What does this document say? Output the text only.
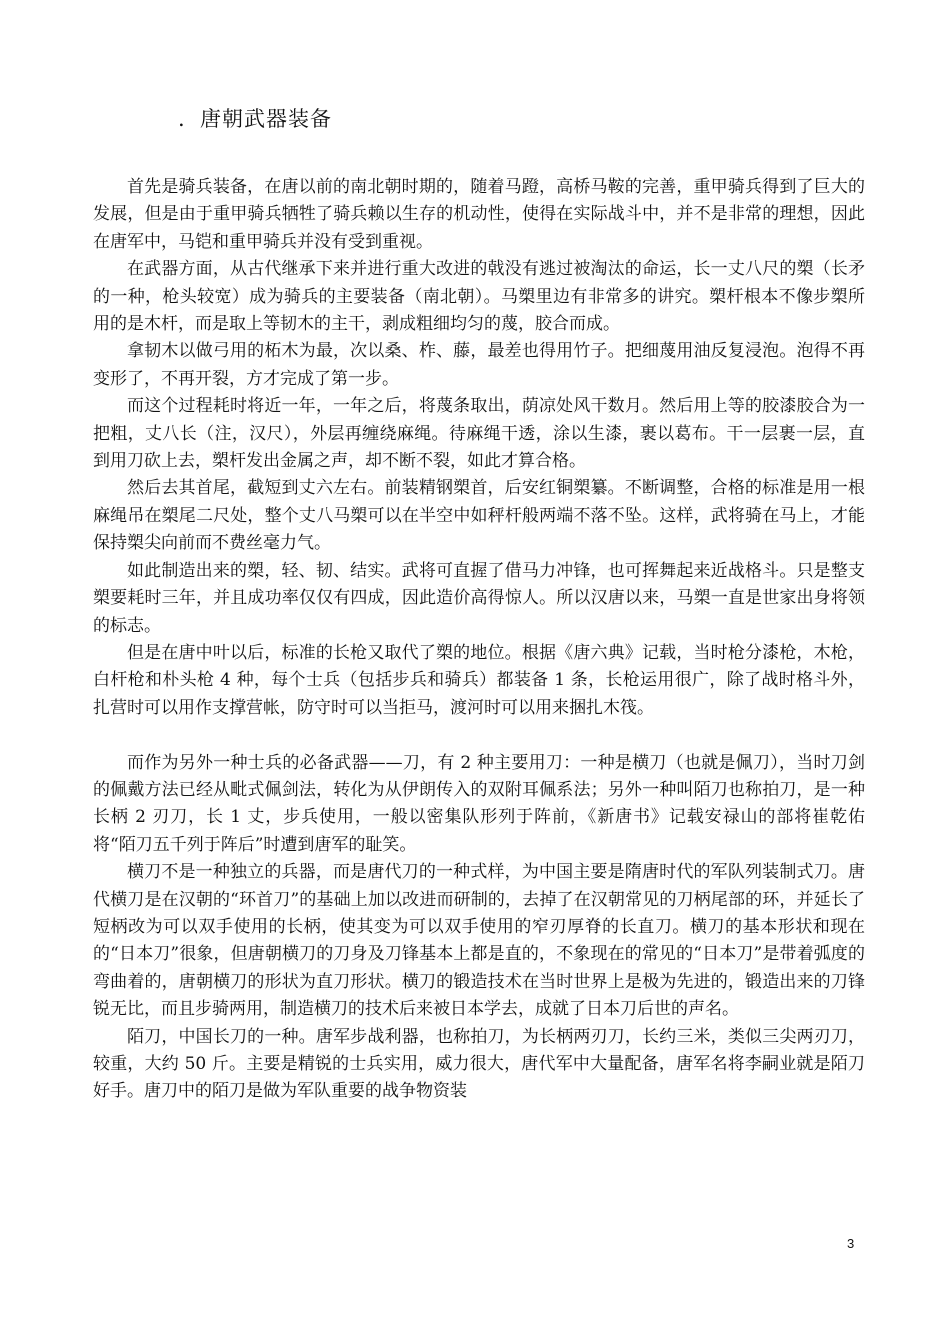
. 唐朝武器装备

首先是骑兵装备，在唐以前的南北朝时期的，随着马蹬，高桥马鞍的完善，重甲骑兵得到了巨大的发展，但是由于重甲骑兵牺牲了骑兵赖以生存的机动性，使得在实际战斗中，并不是非常的理想，因此在唐军中，马铠和重甲骑兵并没有受到重视。

在武器方面，从古代继承下来并进行重大改进的戟没有逃过被淘汰的命运，长一丈八尺的槊（长矛的一种，枪头较宽）成为骑兵的主要装备（南北朝）。马槊里边有非常多的讲究。槊杆根本不像步槊所用的是木杆，而是取上等韧木的主干，剥成粗细均匀的蔑，胶合而成。

拿韧木以做弓用的柘木为最，次以桑、柞、藤，最差也得用竹子。把细蔑用油反复浸泡。泡得不再变形了，不再开裂，方才完成了第一步。

而这个过程耗时将近一年，一年之后，将蔑条取出，荫凉处风干数月。然后用上等的胶漆胶合为一把粗，丈八长（注，汉尺），外层再缠绕麻绳。待麻绳干透，涂以生漆，裹以葛布。干一层裹一层，直到用刀砍上去，槊杆发出金属之声，却不断不裂，如此才算合格。

然后去其首尾，截短到丈六左右。前装精钢槊首，后安红铜槊纂。不断调整，合格的标准是用一根麻绳吊在槊尾二尺处，整个丈八马槊可以在半空中如秤杆般两端不落不坠。这样，武将骑在马上，才能保持槊尖向前而不费丝毫力气。

如此制造出来的槊，轻、韧、结实。武将可直握了借马力冲锋，也可挥舞起来近战格斗。只是整支槊要耗时三年，并且成功率仅仅有四成，因此造价高得惊人。所以汉唐以来，马槊一直是世家出身将领的标志。

但是在唐中叶以后，标准的长枪又取代了槊的地位。根据《唐六典》记载，当时枪分漆枪，木枪，白杆枪和朴头枪 4 种，每个士兵（包括步兵和骑兵）都装备 1 条，长枪运用很广，除了战时格斗外，扎营时可以用作支撑营帐，防守时可以当拒马，渡河时可以用来捆扎木筏。

而作为另外一种士兵的必备武器——刀，有 2 种主要用刀：一种是横刀（也就是佩刀），当时刀剑的佩戴方法已经从毗式佩剑法，转化为从伊朗传入的双附耳佩系法；另外一种叫陌刀也称拍刀，是一种长柄 2 刃刀，长 1 丈，步兵使用，一般以密集队形列于阵前，《新唐书》记载安禄山的部将崔乾佑将“陌刀五千列于阵后”时遭到唐军的耻笑。

横刀不是一种独立的兵器，而是唐代刀的一种式样，为中国主要是隋唐时代的军队列装制式刀。唐代横刀是在汉朝的“环首刀”的基础上加以改进而研制的，去掉了在汉朝常见的刀柄尾部的环，并延长了短柄改为可以双手使用的长柄，使其变为可以双手使用的窄刃厚脊的长直刀。横刀的基本形状和现在的“日本刀”很象，但唐朝横刀的刀身及刀锋基本上都是直的，不象现在的常见的“日本刀”是带着弧度的弯曲着的，唐朝横刀的形状为直刀形状。横刀的锻造技术在当时世界上是极为先进的，锻造出来的刀锋锐无比，而且步骑两用，制造横刀的技术后来被日本学去，成就了日本刀后世的声名。

陌刀，中国长刀的一种。唐军步战利器，也称拍刀，为长柄两刃刀，长约三米，类似三尖两刃刀，较重，大约 50 斤。主要是精锐的士兵实用，威力很大，唐代军中大量配备，唐军名将李嗣业就是陌刀好手。唐刀中的陌刀是做为军队重要的战争物资装

3
